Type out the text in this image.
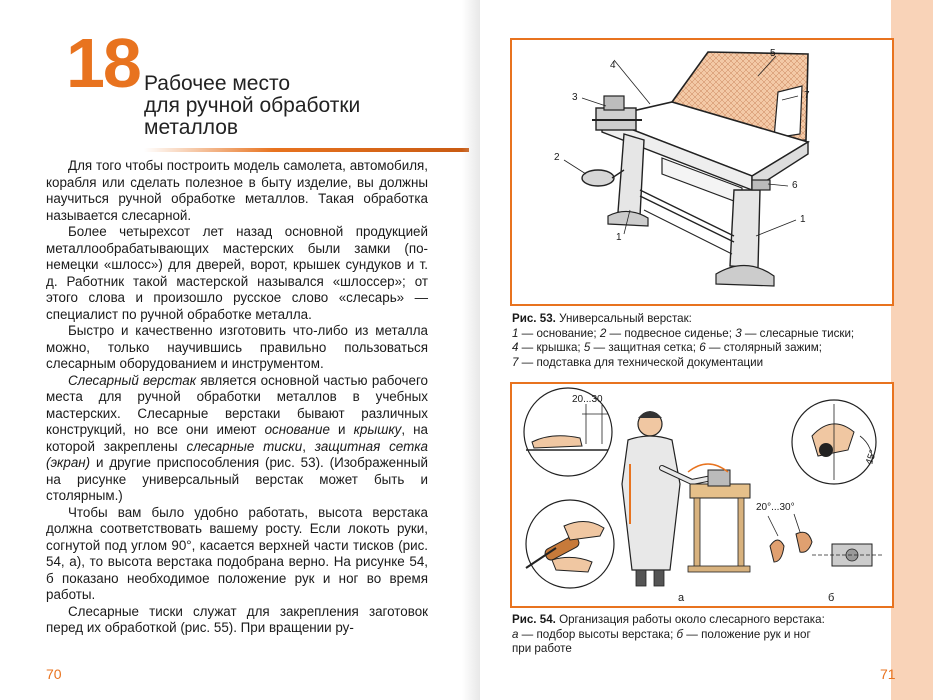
18 Рабочее место
для ручной обработки
металлов

Для того чтобы построить модель самолета, автомобиля, корабля или сделать полезное в быту изделие, вы должны научиться ручной обработке металлов. Такая обработка называется слесарной.

Более четырехсот лет назад основной продукцией металлообрабатывающих мастерских были замки (по-немецки «шлосс») для дверей, ворот, крышек сундуков и т. д. Работник такой мастерской назывался «шлоссер»; от этого слова и произошло русское слово «слесарь» — специалист по ручной обработке металла.

Быстро и качественно изготовить что-либо из металла можно, только научившись правильно пользоваться слесарным оборудованием и инструментом.

Слесарный верстак является основной частью рабочего места для ручной обработки металлов в учебных мастерских. Слесарные верстаки бывают различных конструкций, но все они имеют основание и крышку, на которой закреплены слесарные тиски, защитная сетка (экран) и другие приспособления (рис. 53). (Изображенный на рисунке универсальный верстак может быть и столярным.)

Чтобы вам было удобно работать, высота верстака должна соответствовать вашему росту. Если локоть руки, согнутой под углом 90°, касается верхней части тисков (рис. 54, а), то высота верстака подобрана верно. На рисунке 54, б показано необходимое положение рук и ног во время работы.

Слесарные тиски служат для закрепления заготовок перед их обработкой (рис. 55). При вращении ру-

70
4
3
2
5
7
6
1
1
Рис. 53. Универсальный верстак:
1 — основание; 2 — подвесное сиденье; 3 — слесарные тиски;
4 — крышка; 5 — защитная сетка; 6 — столярный зажим;
7 — подставка для технической документации
20...30
20°...30°
45°
а	б
Рис. 54. Организация работы около слесарного верстака:
а — подбор высоты верстака; б — положение рук и ног
при работе
71
